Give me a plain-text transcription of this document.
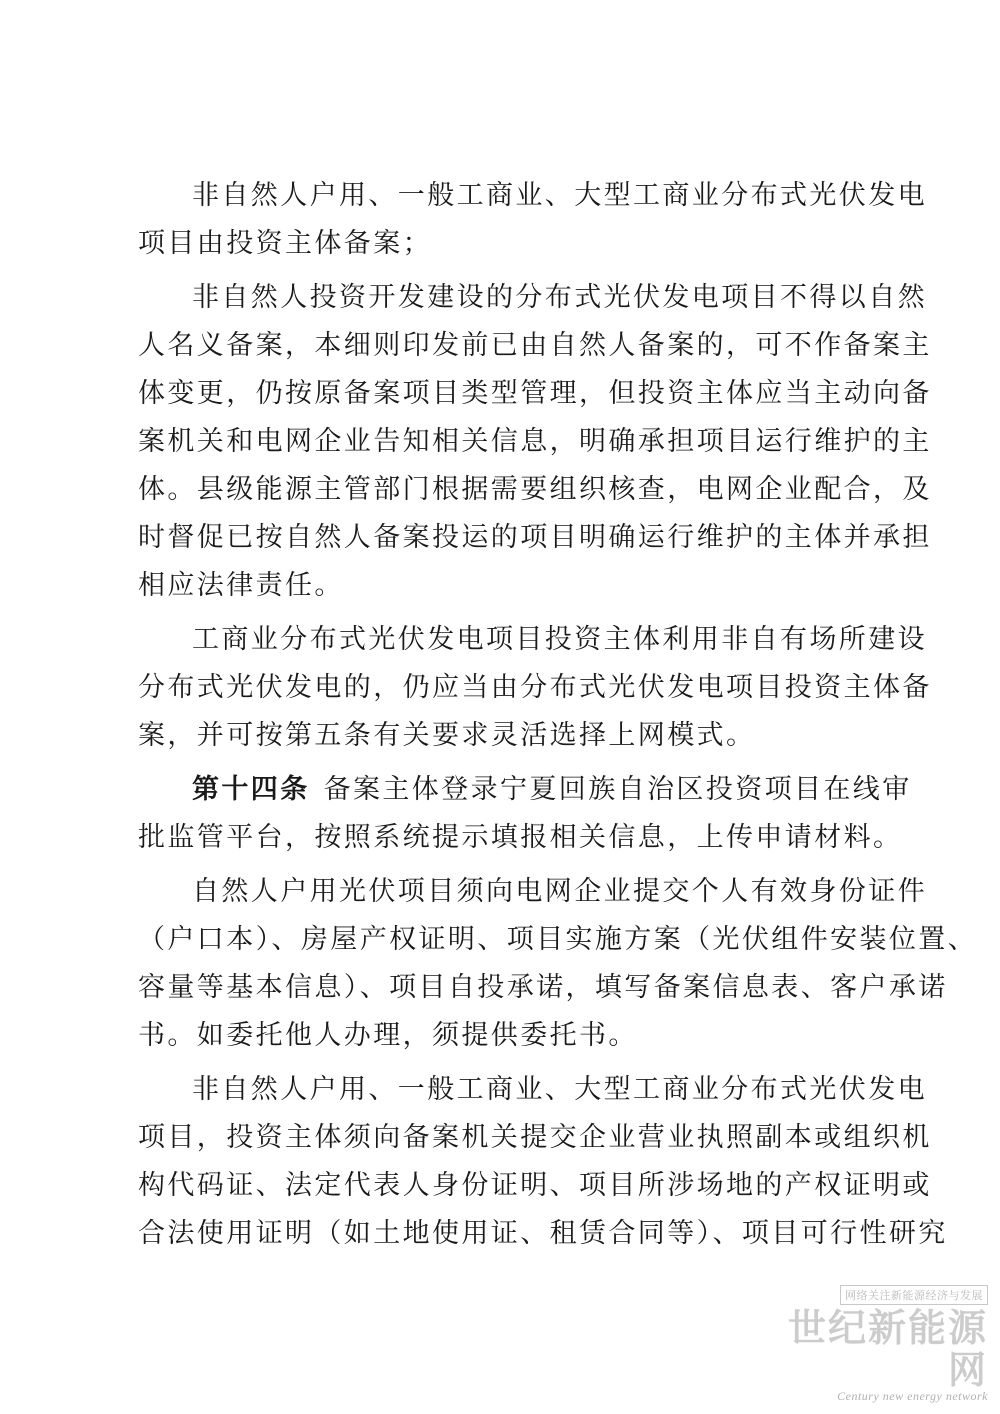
非自然人户用、一般工商业、大型工商业分布式光伏发电
项目由投资主体备案；
非自然人投资开发建设的分布式光伏发电项目不得以自然
人名义备案，本细则印发前已由自然人备案的，可不作备案主
体变更，仍按原备案项目类型管理，但投资主体应当主动向备
案机关和电网企业告知相关信息，明确承担项目运行维护的主
体。县级能源主管部门根据需要组织核查，电网企业配合，及
时督促已按自然人备案投运的项目明确运行维护的主体并承担
相应法律责任。
工商业分布式光伏发电项目投资主体利用非自有场所建设
分布式光伏发电的，仍应当由分布式光伏发电项目投资主体备
案，并可按第五条有关要求灵活选择上网模式。
第十四条 备案主体登录宁夏回族自治区投资项目在线审
批监管平台，按照系统提示填报相关信息，上传申请材料。
自然人户用光伏项目须向电网企业提交个人有效身份证件
（户口本）、房屋产权证明、项目实施方案（光伏组件安装位置、
容量等基本信息）、项目自投承诺，填写备案信息表、客户承诺
书。如委托他人办理，须提供委托书。
非自然人户用、一般工商业、大型工商业分布式光伏发电
项目，投资主体须向备案机关提交企业营业执照副本或组织机
构代码证、法定代表人身份证明、项目所涉场地的产权证明或
合法使用证明（如土地使用证、租赁合同等）、项目可行性研究
网络关注新能源经济与发展
世纪新能源网
Century new energy network
